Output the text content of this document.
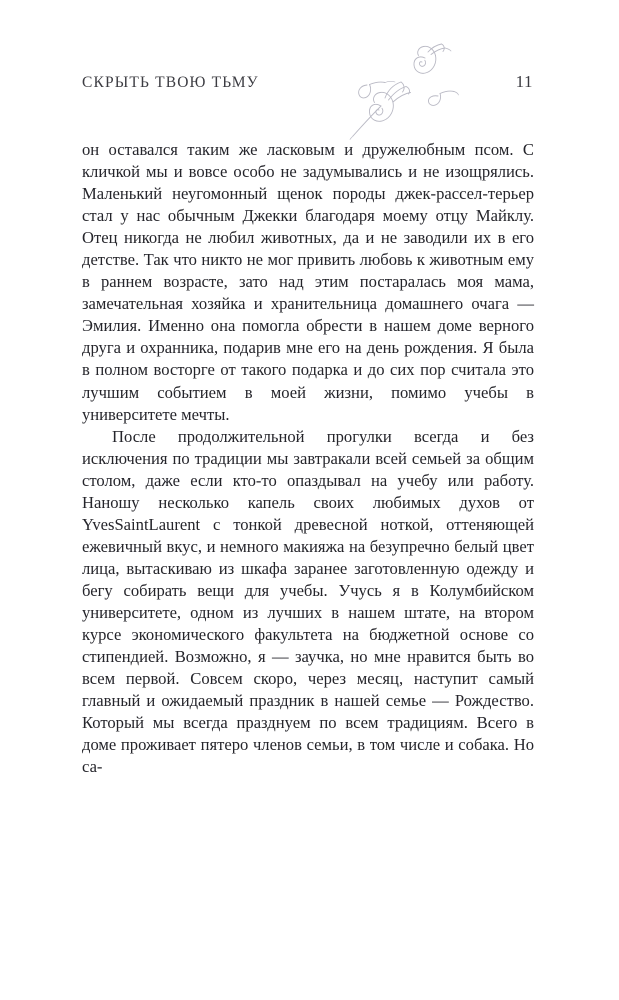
СКРЫТЬ ТВОЮ ТЬМУ	11

он оставался таким же ласковым и дружелюбным псом. С кличкой мы и вовсе особо не задумывались и не изощрялись. Маленький неугомонный щенок породы джек-рассел-терьер стал у нас обычным Джекки благодаря моему отцу Майклу. Отец никогда не любил животных, да и не заводили их в его детстве. Так что никто не мог привить любовь к животным ему в раннем возрасте, зато над этим постаралась моя мама, замечательная хозяйка и хранительница домашнего очага — Эмилия. Именно она помогла обрести в нашем доме верного друга и охранника, подарив мне его на день рождения. Я была в полном восторге от такого подарка и до сих пор считала это лучшим событием в моей жизни, помимо учебы в университете мечты.

После продолжительной прогулки всегда и без исключения по традиции мы завтракали всей семьей за общим столом, даже если кто-то опаздывал на учебу или работу. Наношу несколько капель своих любимых духов от YvesSaintLaurent с тонкой древесной ноткой, оттеняющей ежевичный вкус, и немного макияжа на безупречно белый цвет лица, вытаскиваю из шкафа заранее заготовленную одежду и бегу собирать вещи для учебы. Учусь я в Колумбийском университете, одном из лучших в нашем штате, на втором курсе экономического факультета на бюджетной основе со стипендией. Возможно, я — заучка, но мне нравится быть во всем первой. Совсем скоро, через месяц, наступит самый главный и ожидаемый праздник в нашей семье — Рождество. Который мы всегда празднуем по всем традициям. Всего в доме проживает пятеро членов семьи, в том числе и собака. Но са-
